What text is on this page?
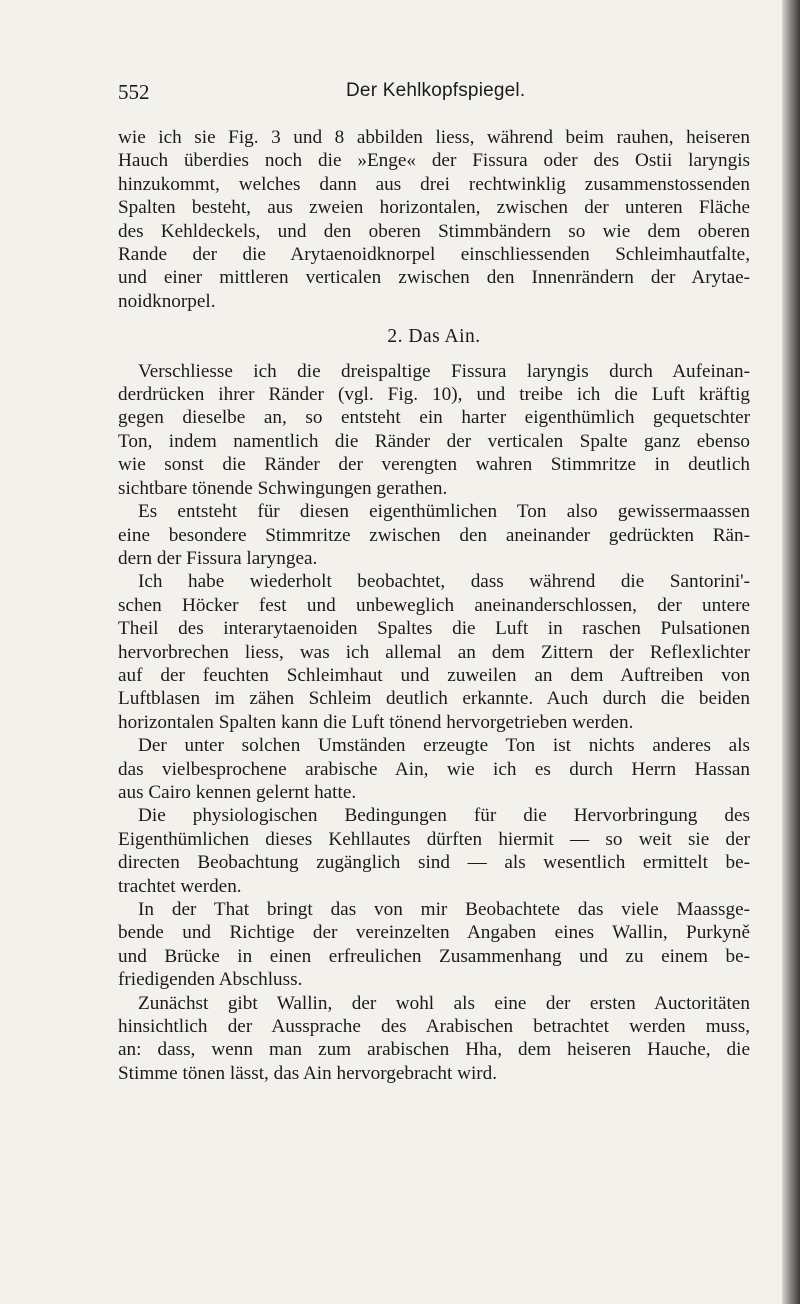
552	Der Kehlkopfspiegel.

wie ich sie Fig. 3 und 8 abbilden liess, während beim rauhen, heiseren
Hauch überdies noch die »Enge« der Fissura oder des Ostii laryngis
hinzukommt, welches dann aus drei rechtwinklig zusammenstossenden
Spalten besteht, aus zweien horizontalen, zwischen der unteren Fläche
des Kehldeckels, und den oberen Stimmbändern so wie dem oberen
Rande der die Arytaenoidknorpel einschliessenden Schleimhautfalte,
und einer mittleren verticalen zwischen den Innenrändern der Arytae-
noidknorpel.

2. Das Ain.

Verschliesse ich die dreispaltige Fissura laryngis durch Aufeinan-
derdrücken ihrer Ränder (vgl. Fig. 10), und treibe ich die Luft kräftig
gegen dieselbe an, so entsteht ein harter eigenthümlich gequetschter
Ton, indem namentlich die Ränder der verticalen Spalte ganz ebenso
wie sonst die Ränder der verengten wahren Stimmritze in deutlich
sichtbare tönende Schwingungen gerathen.

Es entsteht für diesen eigenthümlichen Ton also gewissermaassen
eine besondere Stimmritze zwischen den aneinander gedrückten Rän-
dern der Fissura laryngea.

Ich habe wiederholt beobachtet, dass während die Santorini'-
schen Höcker fest und unbeweglich aneinanderschlossen, der untere
Theil des interarytaenoiden Spaltes die Luft in raschen Pulsationen
hervorbrechen liess, was ich allemal an dem Zittern der Reflexlichter
auf der feuchten Schleimhaut und zuweilen an dem Auftreiben von
Luftblasen im zähen Schleim deutlich erkannte. Auch durch die beiden
horizontalen Spalten kann die Luft tönend hervorgetrieben werden.

Der unter solchen Umständen erzeugte Ton ist nichts anderes als
das vielbesprochene arabische Ain, wie ich es durch Herrn Hassan
aus Cairo kennen gelernt hatte.

Die physiologischen Bedingungen für die Hervorbringung des
Eigenthümlichen dieses Kehllautes dürften hiermit — so weit sie der
directen Beobachtung zugänglich sind — als wesentlich ermittelt be-
trachtet werden.

In der That bringt das von mir Beobachtete das viele Maassge-
bende und Richtige der vereinzelten Angaben eines Wallin, Purkyně
und Brücke in einen erfreulichen Zusammenhang und zu einem be-
friedigenden Abschluss.

Zunächst gibt Wallin, der wohl als eine der ersten Auctoritäten
hinsichtlich der Aussprache des Arabischen betrachtet werden muss,
an: dass, wenn man zum arabischen Hha, dem heiseren Hauche, die
Stimme tönen lässt, das Ain hervorgebracht wird.
